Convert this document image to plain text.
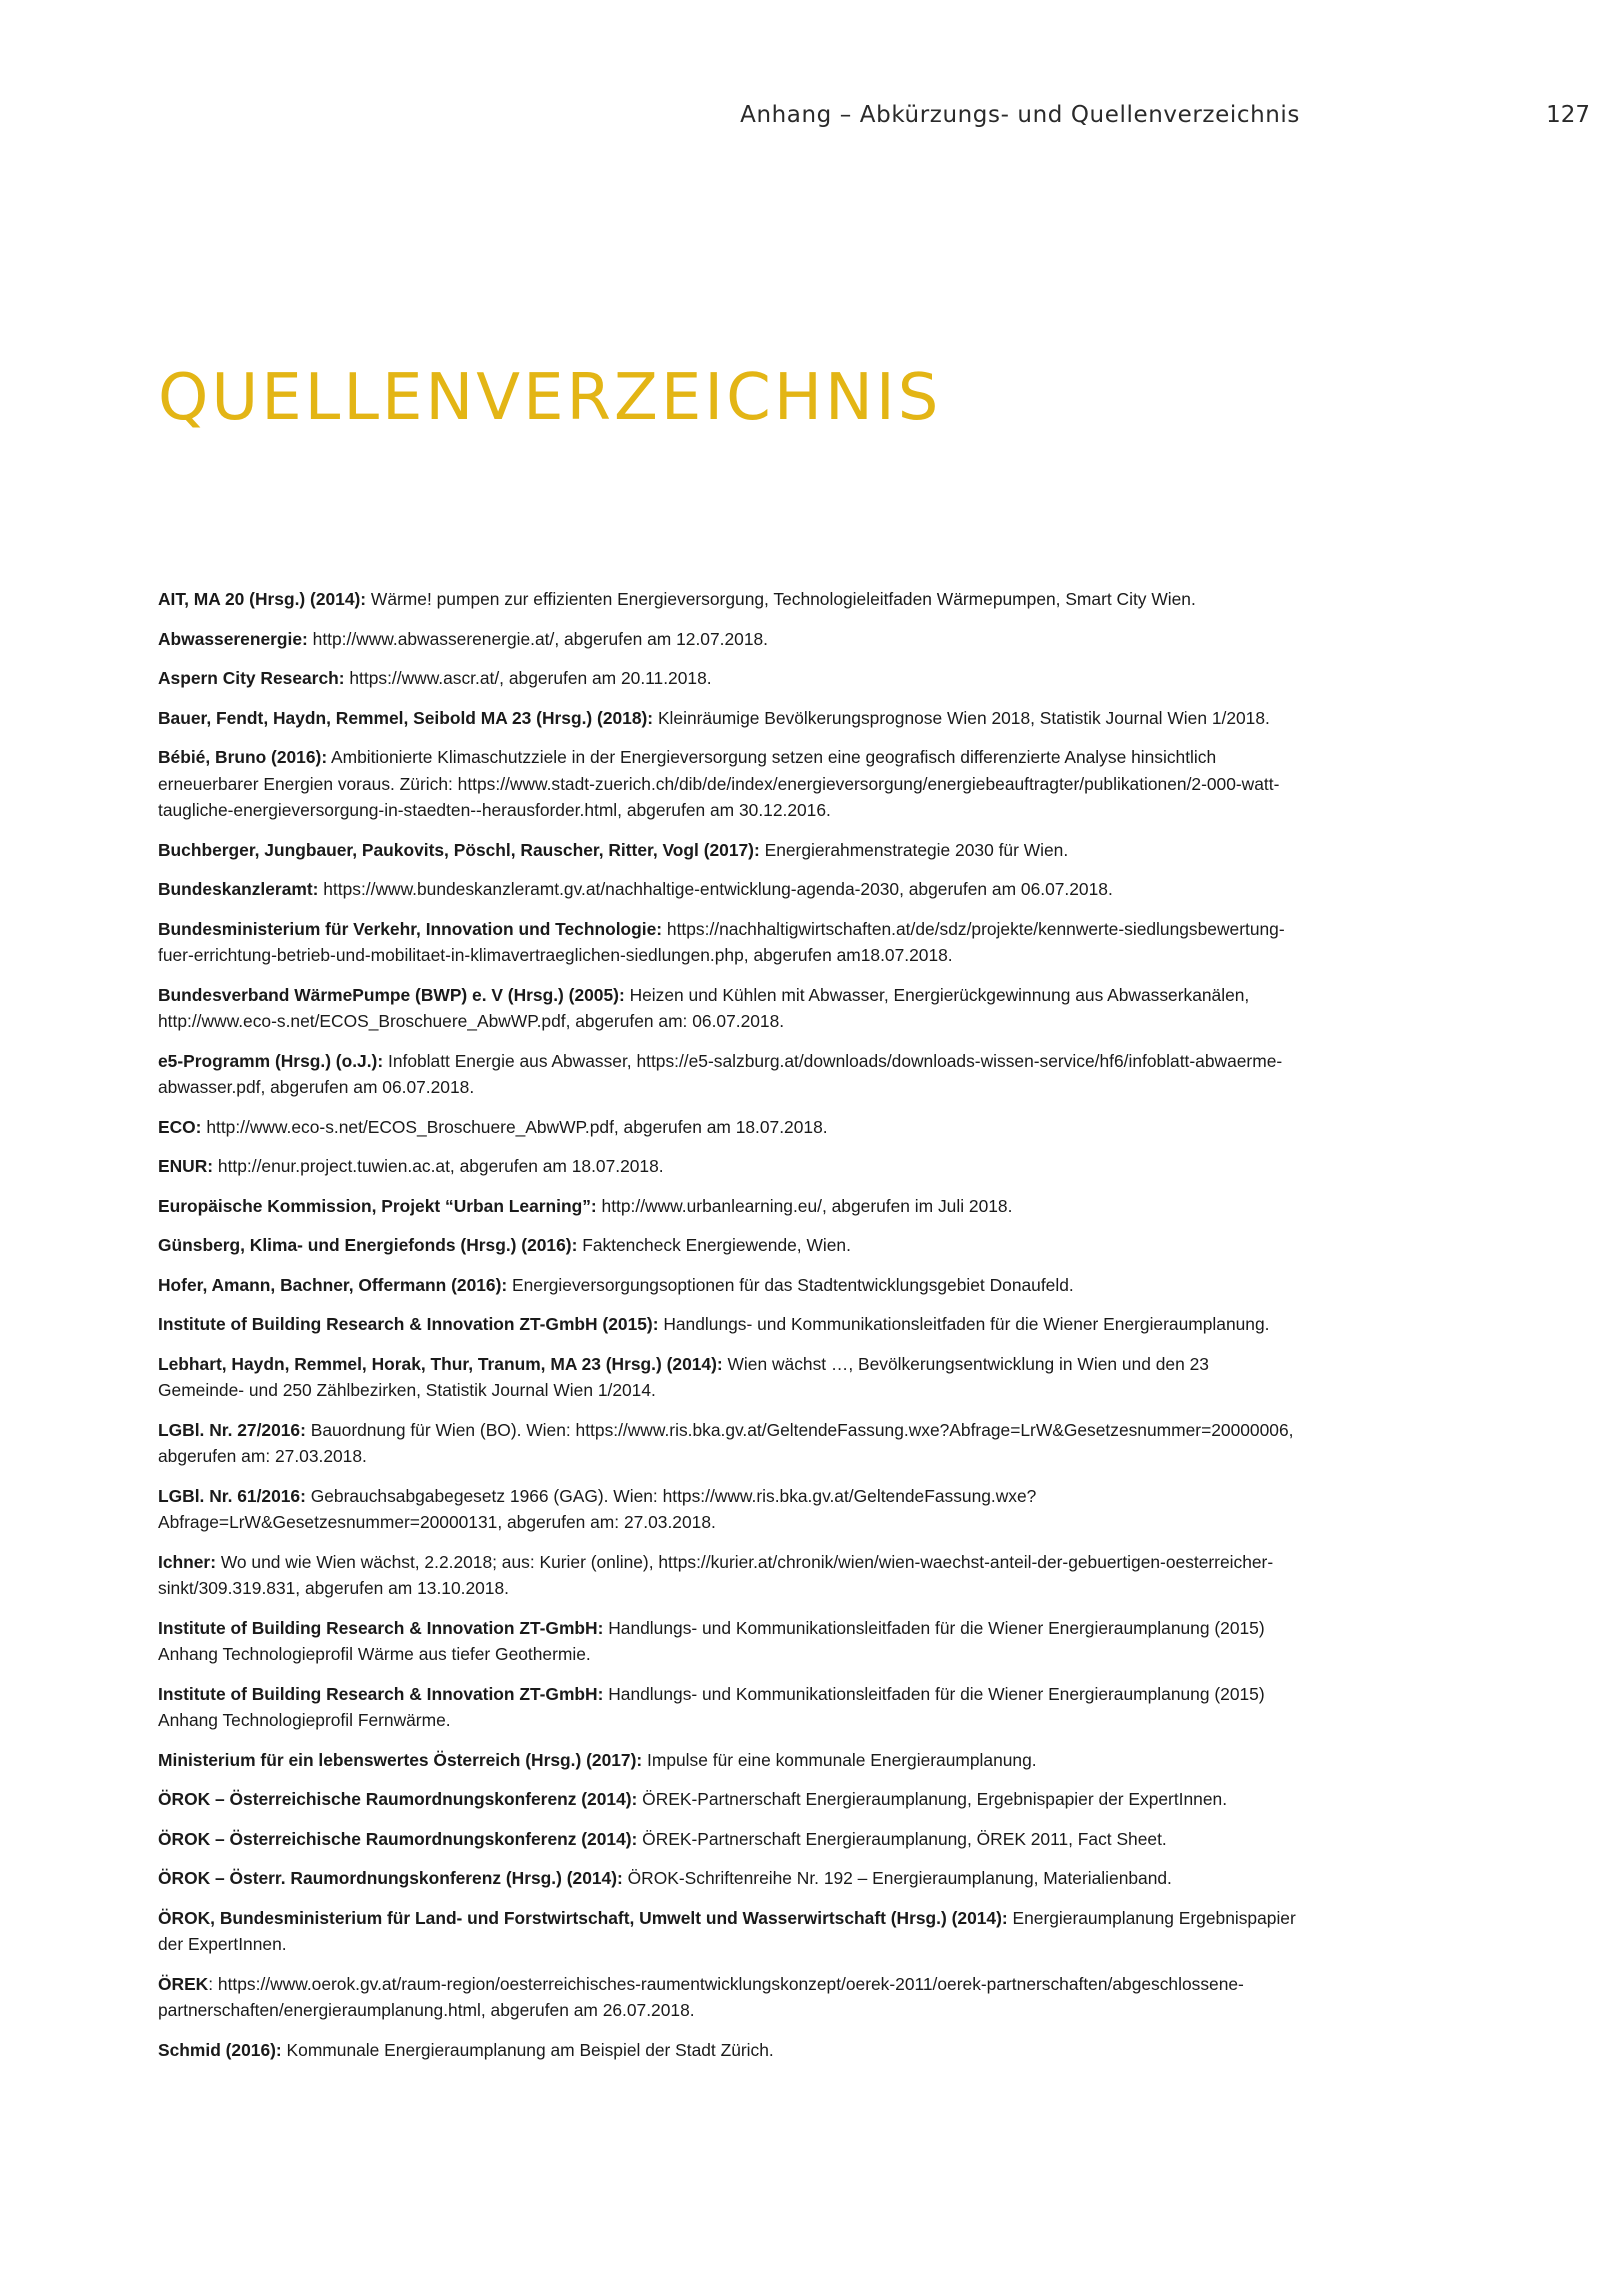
Anhang – Abkürzungs- und Quellenverzeichnis	127
QUELLENVERZEICHNIS
AIT, MA 20 (Hrsg.) (2014): Wärme! pumpen zur effizienten Energieversorgung, Technologieleitfaden Wärmepumpen, Smart City Wien.
Abwasserenergie: http://www.abwasserenergie.at/, abgerufen am 12.07.2018.
Aspern City Research: https://www.ascr.at/, abgerufen am 20.11.2018.
Bauer, Fendt, Haydn, Remmel, Seibold MA 23 (Hrsg.) (2018): Kleinräumige Bevölkerungsprognose Wien 2018, Statistik Journal Wien 1/2018.
Bébié, Bruno (2016): Ambitionierte Klimaschutzziele in der Energieversorgung setzen eine geografisch differenzierte Analyse hinsichtlich erneuerbarer Energien voraus. Zürich: https://www.stadt-zuerich.ch/dib/de/index/energieversorgung/energiebeauftragter/publikationen/2-000-watt-taugliche-energieversorgung-in-staedten--herausforder.html, abgerufen am 30.12.2016.
Buchberger, Jungbauer, Paukovits, Pöschl, Rauscher, Ritter, Vogl (2017): Energierahmenstrategie 2030 für Wien.
Bundeskanzleramt: https://www.bundeskanzleramt.gv.at/nachhaltige-entwicklung-agenda-2030, abgerufen am 06.07.2018.
Bundesministerium für Verkehr, Innovation und Technologie: https://nachhaltigwirtschaften.at/de/sdz/projekte/kennwerte-siedlungsbewertung-fuer-errichtung-betrieb-und-mobilitaet-in-klimavertraeglichen-siedlungen.php, abgerufen am18.07.2018.
Bundesverband WärmePumpe (BWP) e. V (Hrsg.) (2005): Heizen und Kühlen mit Abwasser, Energierückgewinnung aus Abwasserkanälen, http://www.eco-s.net/ECOS_Broschuere_AbwWP.pdf, abgerufen am: 06.07.2018.
e5-Programm (Hrsg.) (o.J.): Infoblatt Energie aus Abwasser, https://e5-salzburg.at/downloads/downloads-wissen-service/hf6/infoblatt-abwaerme-abwasser.pdf, abgerufen am 06.07.2018.
ECO: http://www.eco-s.net/ECOS_Broschuere_AbwWP.pdf, abgerufen am 18.07.2018.
ENUR: http://enur.project.tuwien.ac.at, abgerufen am 18.07.2018.
Europäische Kommission, Projekt “Urban Learning”: http://www.urbanlearning.eu/, abgerufen im Juli 2018.
Günsberg, Klima- und Energiefonds (Hrsg.) (2016): Faktencheck Energiewende, Wien.
Hofer, Amann, Bachner, Offermann (2016): Energieversorgungsoptionen für das Stadtentwicklungsgebiet Donaufeld.
Institute of Building Research & Innovation ZT-GmbH (2015): Handlungs- und Kommunikationsleitfaden für die Wiener Energieraumplanung.
Lebhart, Haydn, Remmel, Horak, Thur, Tranum, MA 23 (Hrsg.) (2014): Wien wächst …, Bevölkerungsentwicklung in Wien und den 23 Gemeinde- und 250 Zählbezirken, Statistik Journal Wien 1/2014.
LGBl. Nr. 27/2016: Bauordnung für Wien (BO). Wien: https://www.ris.bka.gv.at/GeltendeFassung.wxe?Abfrage=LrW&Gesetzesnummer=20000006, abgerufen am: 27.03.2018.
LGBl. Nr. 61/2016: Gebrauchsabgabegesetz 1966 (GAG). Wien: https://www.ris.bka.gv.at/GeltendeFassung.wxe?Abfrage=LrW&Gesetzesnummer=20000131, abgerufen am: 27.03.2018.
Ichner: Wo und wie Wien wächst, 2.2.2018; aus: Kurier (online), https://kurier.at/chronik/wien/wien-waechst-anteil-der-gebuertigen-oesterreicher-sinkt/309.319.831, abgerufen am 13.10.2018.
Institute of Building Research & Innovation ZT-GmbH: Handlungs- und Kommunikationsleitfaden für die Wiener Energieraumplanung (2015) Anhang Technologieprofil Wärme aus tiefer Geothermie.
Institute of Building Research & Innovation ZT-GmbH: Handlungs- und Kommunikationsleitfaden für die Wiener Energieraumplanung (2015) Anhang Technologieprofil Fernwärme.
Ministerium für ein lebenswertes Österreich (Hrsg.) (2017): Impulse für eine kommunale Energieraumplanung.
ÖROK – Österreichische Raumordnungskonferenz (2014): ÖREK-Partnerschaft Energieraumplanung, Ergebnispapier der ExpertInnen.
ÖROK – Österreichische Raumordnungskonferenz (2014): ÖREK-Partnerschaft Energieraumplanung, ÖREK 2011, Fact Sheet.
ÖROK – Österr. Raumordnungskonferenz (Hrsg.) (2014): ÖROK-Schriftenreihe Nr. 192 – Energieraumplanung, Materialienband.
ÖROK, Bundesministerium für Land- und Forstwirtschaft, Umwelt und Wasserwirtschaft (Hrsg.) (2014): Energieraumplanung Ergebnispapier der ExpertInnen.
ÖREK: https://www.oerok.gv.at/raum-region/oesterreichisches-raumentwicklungskonzept/oerek-2011/oerek-partnerschaften/abgeschlossene-partnerschaften/energieraumplanung.html, abgerufen am 26.07.2018.
Schmid (2016): Kommunale Energieraumplanung am Beispiel der Stadt Zürich.
